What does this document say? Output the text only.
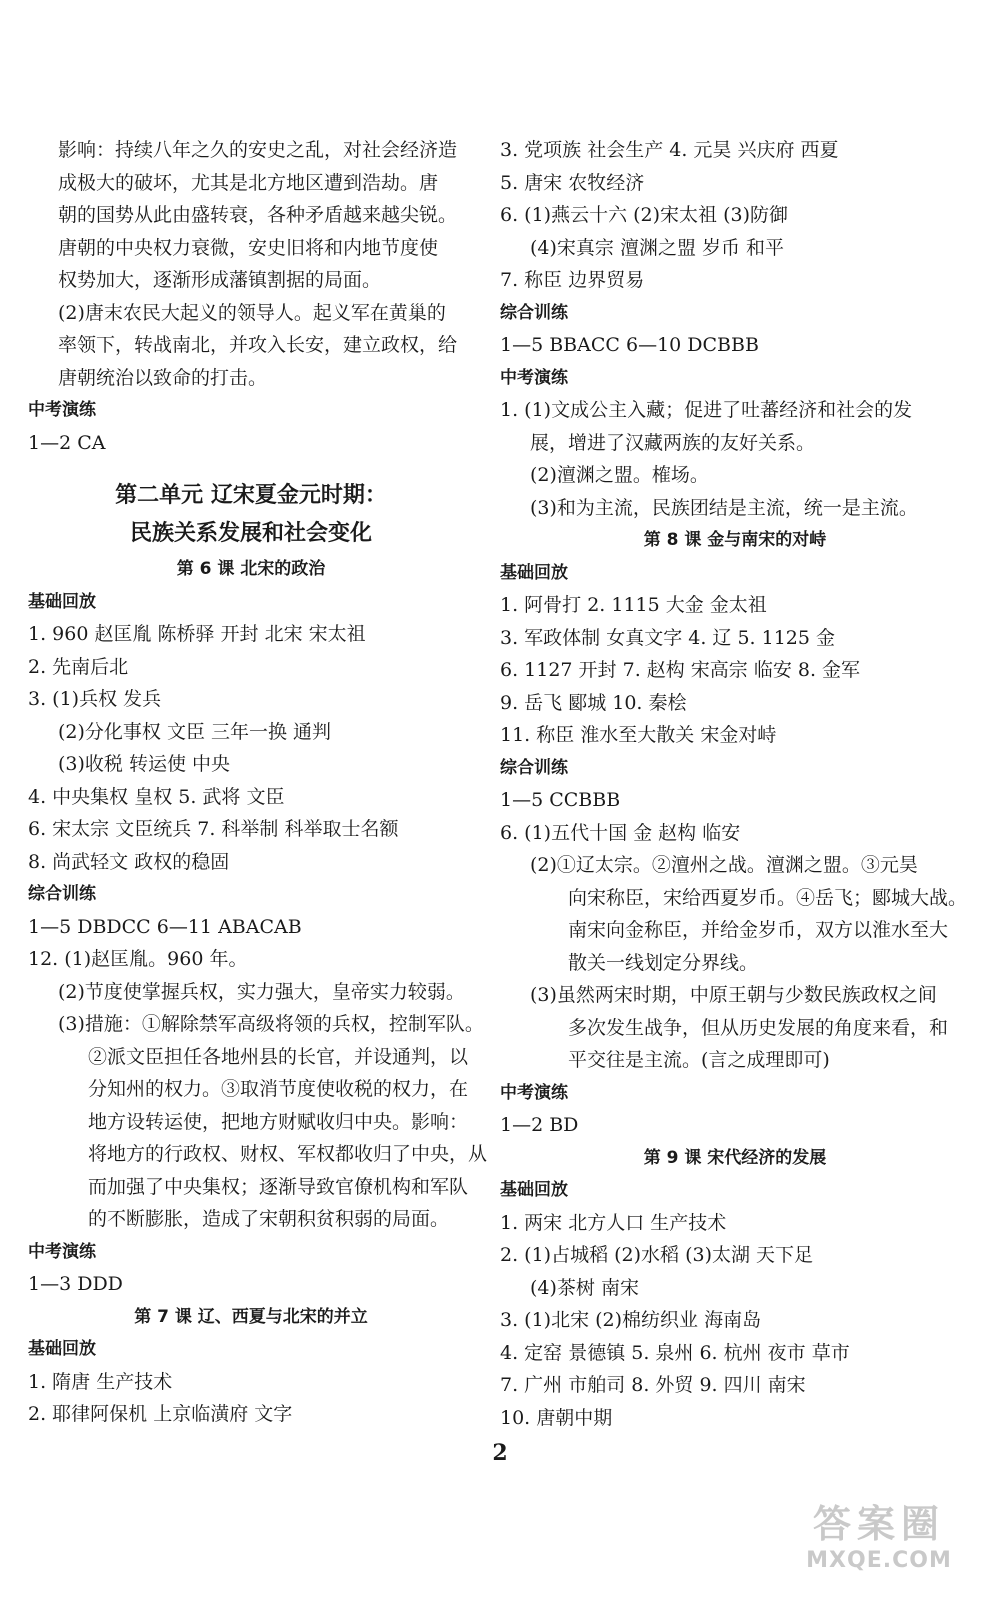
影响：持续八年之久的安史之乱，对社会经济造
成极大的破坏，尤其是北方地区遭到浩劫。唐
朝的国势从此由盛转衰，各种矛盾越来越尖锐。
唐朝的中央权力衰微，安史旧将和内地节度使
权势加大，逐渐形成藩镇割据的局面。
(2)唐末农民大起义的领导人。起义军在黄巢的
率领下，转战南北，并攻入长安，建立政权，给
唐朝统治以致命的打击。
中考演练
1—2 CA
第二单元 辽宋夏金元时期：
民族关系发展和社会变化
第 6 课 北宋的政治
基础回放
1. 960 赵匡胤 陈桥驿 开封 北宋 宋太祖
2. 先南后北
3. (1)兵权 发兵
(2)分化事权 文臣 三年一换 通判
(3)收税 转运使 中央
4. 中央集权 皇权 5. 武将 文臣
6. 宋太宗 文臣统兵 7. 科举制 科举取士名额
8. 尚武轻文 政权的稳固
综合训练
1—5 DBDCC 6—11 ABACAB
12. (1)赵匡胤。960 年。
(2)节度使掌握兵权，实力强大，皇帝实力较弱。
(3)措施：①解除禁军高级将领的兵权，控制军队。
②派文臣担任各地州县的长官，并设通判，以
分知州的权力。③取消节度使收税的权力，在
地方设转运使，把地方财赋收归中央。影响：
将地方的行政权、财权、军权都收归了中央，从
而加强了中央集权；逐渐导致官僚机构和军队
的不断膨胀，造成了宋朝积贫积弱的局面。
中考演练
1—3 DDD
第 7 课 辽、西夏与北宋的并立
基础回放
1. 隋唐 生产技术
2. 耶律阿保机 上京临潢府 文字
3. 党项族 社会生产 4. 元昊 兴庆府 西夏
5. 唐宋 农牧经济
6. (1)燕云十六 (2)宋太祖 (3)防御
(4)宋真宗 澶渊之盟 岁币 和平
7. 称臣 边界贸易
综合训练
1—5 BBACC 6—10 DCBBB
中考演练
1. (1)文成公主入藏；促进了吐蕃经济和社会的发
展，增进了汉藏两族的友好关系。
(2)澶渊之盟。榷场。
(3)和为主流，民族团结是主流，统一是主流。
第 8 课 金与南宋的对峙
基础回放
1. 阿骨打 2. 1115 大金 金太祖
3. 军政体制 女真文字 4. 辽 5. 1125 金
6. 1127 开封 7. 赵构 宋高宗 临安 8. 金军
9. 岳飞 郾城 10. 秦桧
11. 称臣 淮水至大散关 宋金对峙
综合训练
1—5 CCBBB
6. (1)五代十国 金 赵构 临安
(2)①辽太宗。②澶州之战。澶渊之盟。③元昊
向宋称臣，宋给西夏岁币。④岳飞；郾城大战。
南宋向金称臣，并给金岁币，双方以淮水至大
散关一线划定分界线。
(3)虽然两宋时期，中原王朝与少数民族政权之间
多次发生战争，但从历史发展的角度来看，和
平交往是主流。(言之成理即可)
中考演练
1—2 BD
第 9 课 宋代经济的发展
基础回放
1. 两宋 北方人口 生产技术
2. (1)占城稻 (2)水稻 (3)太湖 天下足
(4)茶树 南宋
3. (1)北宋 (2)棉纺织业 海南岛
4. 定窑 景德镇 5. 泉州 6. 杭州 夜市 草市
7. 广州 市舶司 8. 外贸 9. 四川 南宋
10. 唐朝中期
2
答案圈
MXQE.COM
